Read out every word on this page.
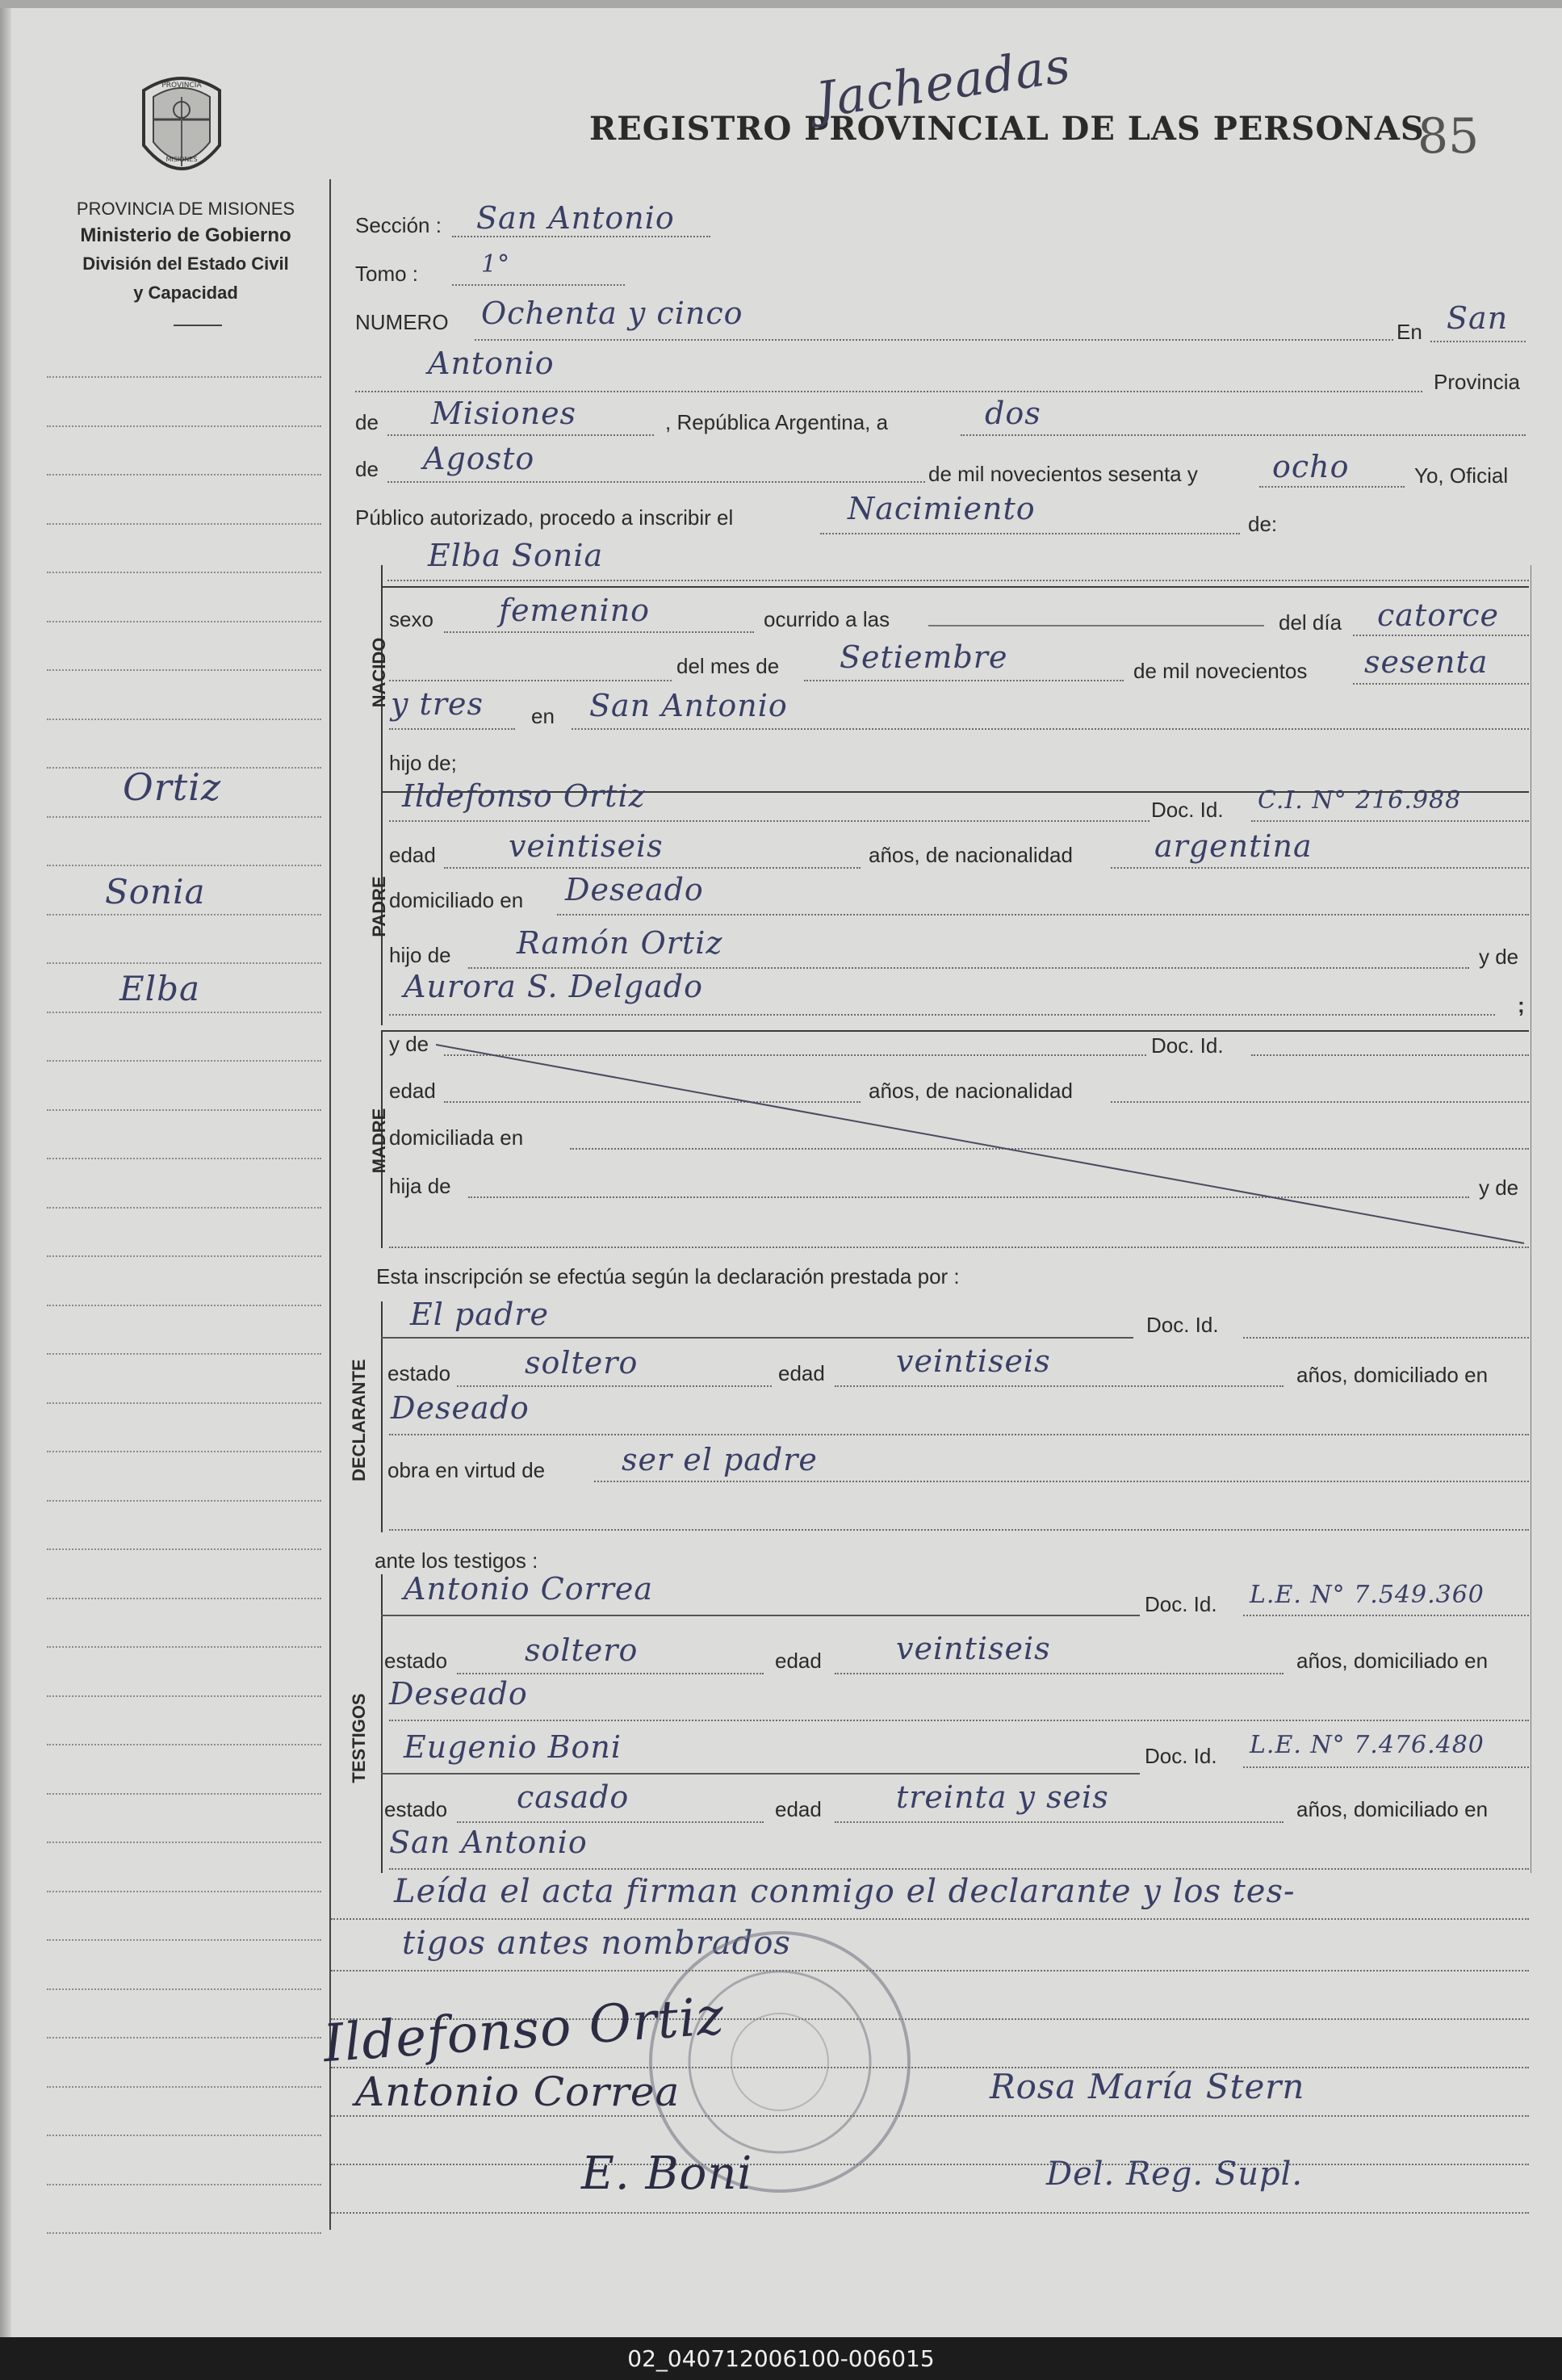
PROVINCIA
MISIONES
PROVINCIA DE MISIONES
Ministerio de Gobierno
División del Estado Civil
y Capacidad
REGISTRO PROVINCIAL DE LAS PERSONAS
Jacheadas
85
Ortiz
Sonia
Elba
Sección : San Antonio
Tomo :	1°
NUMERO Ochenta y cinco
En San
Antonio
Provincia
de Misiones	, República Argentina, a	dos
de Agosto	de mil novecientos sesenta y ocho	Yo, Oficial
Público autorizado, procedo a inscribir el	Nacimiento	de:
Elba Sonia
NACIDO
sexo femenino	ocurrido a las	del día catorce
del mes de Setiembre	de mil novecientos sesenta
y tres en San Antonio
hijo de;
PADRE
Ildefonso Ortiz	Doc. Id. C.I. N° 216.988
edad veintiseis	años, de nacionalidad	argentina
domiciliado en Deseado
hijo de Ramón Ortiz	y de
Aurora S. Delgado
;
MADRE
y de	Doc. Id.
edad	años, de nacionalidad
domiciliada en
hija de	y de
Esta inscripción se efectúa según la declaración prestada por :
DECLARANTE
El padre	Doc. Id.
estado soltero	edad veintiseis	años, domiciliado en
Deseado
obra en virtud de ser el padre
ante los testigos :
TESTIGOS
Antonio Correa	Doc. Id. L.E. N° 7.549.360
estado	soltero	edad veintiseis	años, domiciliado en
Deseado
Eugenio Boni	Doc. Id. L.E. N° 7.476.480
estado casado	edad treinta y seis	años, domiciliado en
San Antonio
Leída el acta firman conmigo el declarante y los tes-
tigos antes nombrados
Ildefonso Ortiz
Antonio Correa
E. Boni
Rosa María Stern
Del. Reg. Supl.
02_040712006100-006015
